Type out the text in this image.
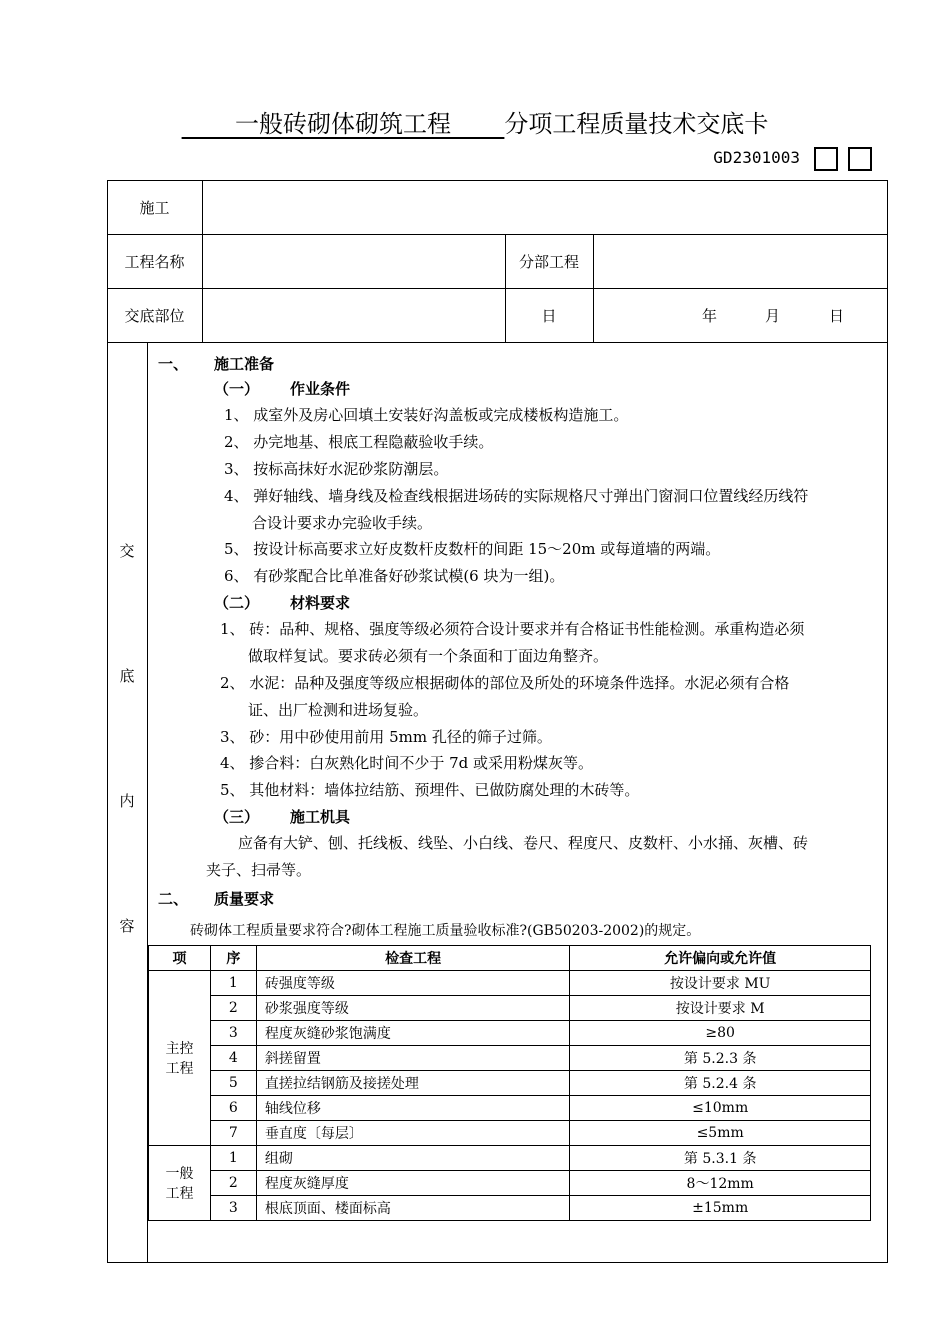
一般砖砌体砌筑工程 分项工程质量技术交底卡
GD2301003
施工
工程名称	分部工程
交底部位	日	年	月	日
交
底
内
容
一、 施工准备
（一） 作业条件
1、 成室外及房心回填土安装好沟盖板或完成楼板构造施工。
2、 办完地基、根底工程隐蔽验收手续。
3、 按标高抹好水泥砂浆防潮层。
4、 弹好轴线、墙身线及检查线根据进场砖的实际规格尺寸弹出门窗洞口位置线经历线符
合设计要求办完验收手续。
5、 按设计标高要求立好皮数杆皮数杆的间距 15～20m 或每道墙的两端。
6、 有砂浆配合比单准备好砂浆试模(6 块为一组)。
（二） 材料要求
1、 砖：品种、规格、强度等级必须符合设计要求并有合格证书性能检测。承重构造必须
做取样复试。要求砖必须有一个条面和丁面边角整齐。
2、 水泥：品种及强度等级应根据砌体的部位及所处的环境条件选择。水泥必须有合格
证、出厂检测和进场复验。
3、 砂：用中砂使用前用 5mm 孔径的筛子过筛。
4、 掺合料：白灰熟化时间不少于 7d 或采用粉煤灰等。
5、 其他材料：墙体拉结筋、预埋件、已做防腐处理的木砖等。
（三） 施工机具
应备有大铲、刨、托线板、线坠、小白线、卷尺、程度尺、皮数杆、小水捅、灰槽、砖
夹子、扫帚等。
二、 质量要求
砖砌体工程质量要求符合?砌体工程施工质量验收标准?(GB50203-2002)的规定。
项	序	检查工程	允许偏向或允许值
主控
工程	1	砖强度等级	按设计要求 MU
	2	砂浆强度等级	按设计要求 M
	3	程度灰缝砂浆饱满度	≥80
	4	斜搓留置	第 5.2.3 条
	5	直搓拉结钢筋及接搓处理	第 5.2.4 条
	6	轴线位移	≤10mm
	7	垂直度〔每层〕	≤5mm
一般
工程	1	组砌	第 5.3.1 条
	2	程度灰缝厚度	8～12mm
	3	根底顶面、楼面标高	±15mm
